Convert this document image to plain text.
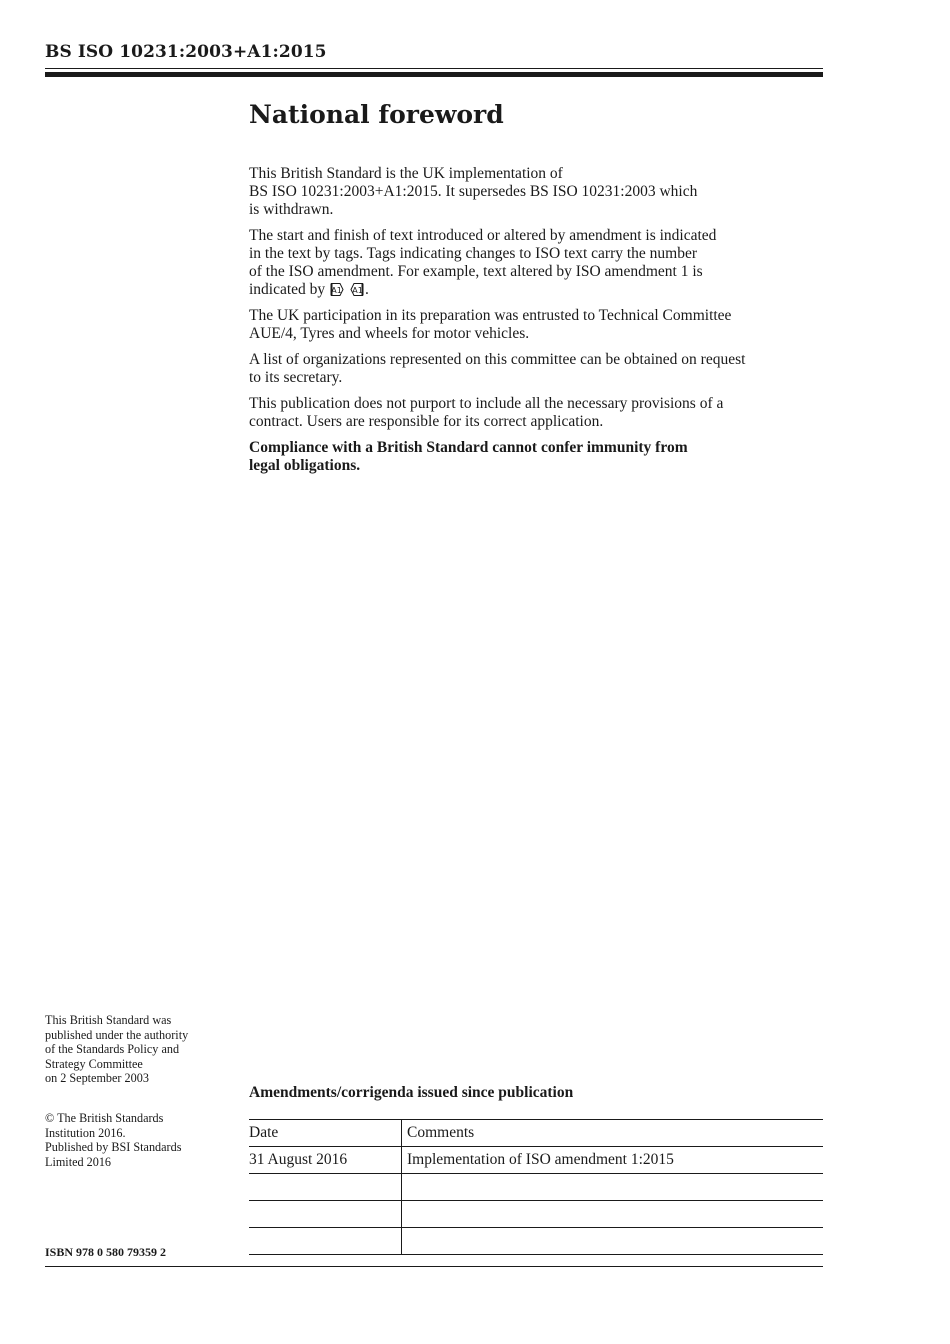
BS ISO 10231:2003+A1:2015
National foreword

This British Standard is the UK implementation of
BS ISO 10231:2003+A1:2015. It supersedes BS ISO 10231:2003 which
is withdrawn.

The start and finish of text introduced or altered by amendment is indicated
in the text by tags. Tags indicating changes to ISO text carry the number
of the ISO amendment. For example, text altered by ISO amendment 1 is
indicated by A1
A1 .

The UK participation in its preparation was entrusted to Technical Committee
AUE/4, Tyres and wheels for motor vehicles.

A list of organizations represented on this committee can be obtained on request
to its secretary.

This publication does not purport to include all the necessary provisions of a
contract. Users are responsible for its correct application.

Compliance with a British Standard cannot confer immunity from
legal obligations.

This British Standard was
published under the authority
of the Standards Policy and
Strategy Committee
on 2 September 2003
© The British Standards
Institution 2016.
Published by BSI Standards
Limited 2016
ISBN 978 0 580 79359 2
Amendments/corrigenda issued since publication
Date	Comments
31 August 2016	Implementation of ISO amendment 1:2015
